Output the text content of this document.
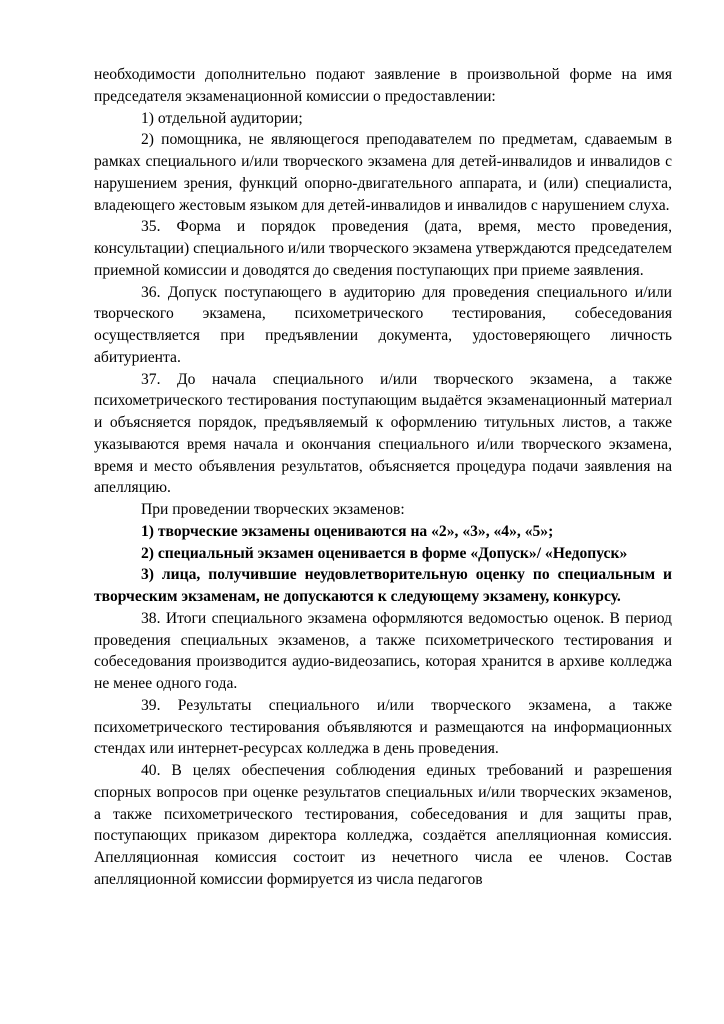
необходимости дополнительно подают заявление в произвольной форме на имя председателя экзаменационной комиссии о предоставлении:

1) отдельной аудитории;

2) помощника, не являющегося преподавателем по предметам, сдаваемым в рамках специального и/или творческого экзамена для детей-инвалидов и инвалидов с нарушением зрения, функций опорно-двигательного аппарата, и (или) специалиста, владеющего жестовым языком для детей-инвалидов и инвалидов с нарушением слуха.

35. Форма и порядок проведения (дата, время, место проведения, консультации) специального и/или творческого экзамена утверждаются председателем приемной комиссии и доводятся до сведения поступающих при приеме заявления.

36. Допуск поступающего в аудиторию для проведения специального и/или творческого экзамена, психометрического тестирования, собеседования осуществляется при предъявлении документа, удостоверяющего личность абитуриента.

37. До начала специального и/или творческого экзамена, а также психометрического тестирования поступающим выдаётся экзаменационный материал и объясняется порядок, предъявляемый к оформлению титульных листов, а также указываются время начала и окончания специального и/или творческого экзамена, время и место объявления результатов, объясняется процедура подачи заявления на апелляцию.

При проведении творческих экзаменов:

1) творческие экзамены оцениваются на «2», «3», «4», «5»;

2) специальный экзамен оценивается в форме «Допуск»/ «Недопуск»

3) лица, получившие неудовлетворительную оценку по специальным и творческим экзаменам, не допускаются к следующему экзамену, конкурсу.

38. Итоги специального экзамена оформляются ведомостью оценок. В период проведения специальных экзаменов, а также психометрического тестирования и собеседования производится аудио-видеозапись, которая хранится в архиве колледжа не менее одного года.

39. Результаты специального и/или творческого экзамена, а также психометрического тестирования объявляются и размещаются на информационных стендах или интернет-ресурсах колледжа в день проведения.

40. В целях обеспечения соблюдения единых требований и разрешения спорных вопросов при оценке результатов специальных и/или творческих экзаменов, а также психометрического тестирования, собеседования и для защиты прав, поступающих приказом директора колледжа, создаётся апелляционная комиссия. Апелляционная комиссия состоит из нечетного числа ее членов. Состав апелляционной комиссии формируется из числа педагогов
